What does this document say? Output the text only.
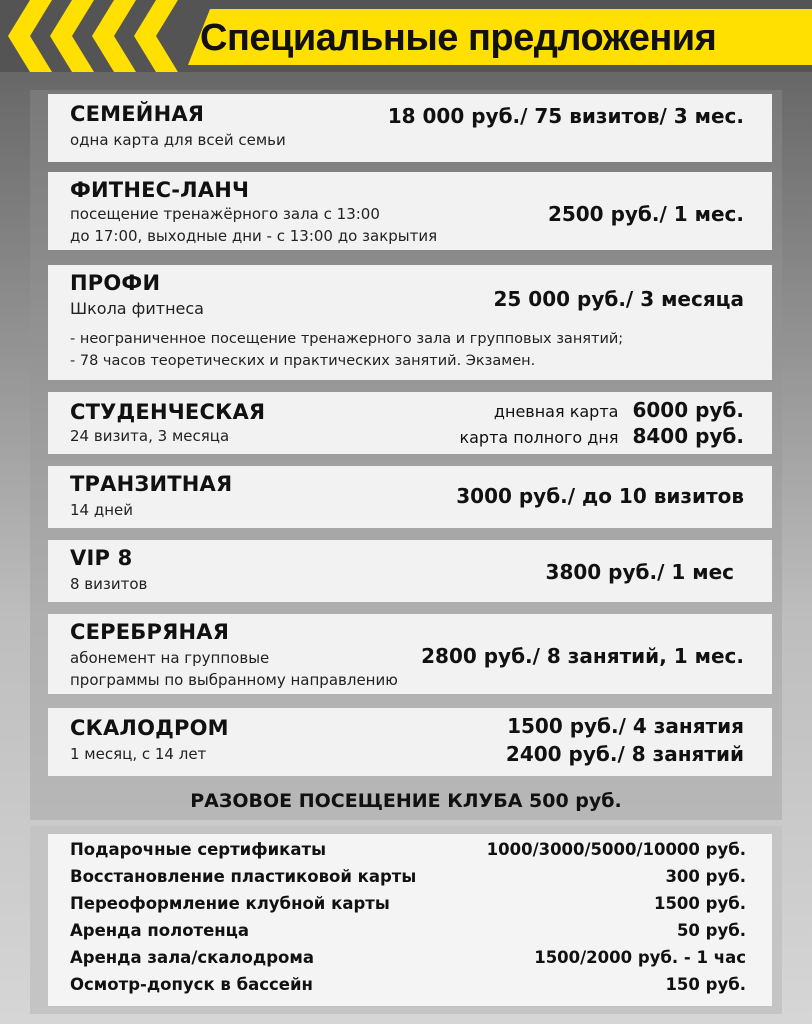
Специальные предложения
СЕМЕЙНАЯ
одна карта для всей семьи
18 000 руб./ 75 визитов/ 3 мес.
ФИТНЕС-ЛАНЧ
посещение тренажёрного зала с 13:00
до 17:00, выходные дни - с 13:00 до закрытия
2500 руб./ 1 мес.
ПРОФИ
Школа фитнеса	25 000 руб./ 3 месяца
- неограниченное посещение тренажерного зала и групповых занятий;
- 78 часов теоретических и практических занятий. Экзамен.
СТУДЕНЧЕСКАЯ
24 визита, 3 месяца
дневная карта 6000 руб.
карта полного дня 8400 руб.
ТРАНЗИТНАЯ
14 дней
3000 руб./ до 10 визитов
VIP 8
8 визитов	3800 руб./ 1 мес
СЕРЕБРЯНАЯ
абонемент на групповые
программы по выбранному направлению
2800 руб./ 8 занятий, 1 мес.
СКАЛОДРОМ
1 месяц, с 14 лет
1500 руб./ 4 занятия
2400 руб./ 8 занятий
РАЗОВОЕ ПОСЕЩЕНИЕ КЛУБА 500 руб.
Подарочные сертификаты	1000/3000/5000/10000 руб.
Восстановление пластиковой карты	300 руб.
Переоформление клубной карты	1500 руб.
Аренда полотенца	50 руб.
Аренда зала/скалодрома	1500/2000 руб. - 1 час
Осмотр-допуск в бассейн	150 руб.
